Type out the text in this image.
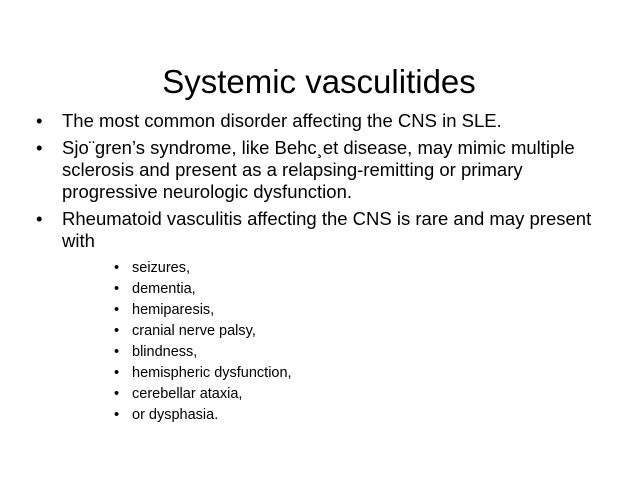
Systemic vasculitides
• The most common disorder affecting the CNS in SLE.
• Sjo¨gren’s syndrome, like Behc¸et disease, may mimic multiple sclerosis and present as a relapsing-remitting or primary progressive neurologic dysfunction.
• Rheumatoid vasculitis affecting the CNS is rare and may present with
• seizures,
• dementia,
• hemiparesis,
• cranial nerve palsy,
• blindness,
• hemispheric dysfunction,
• cerebellar ataxia,
• or dysphasia.
